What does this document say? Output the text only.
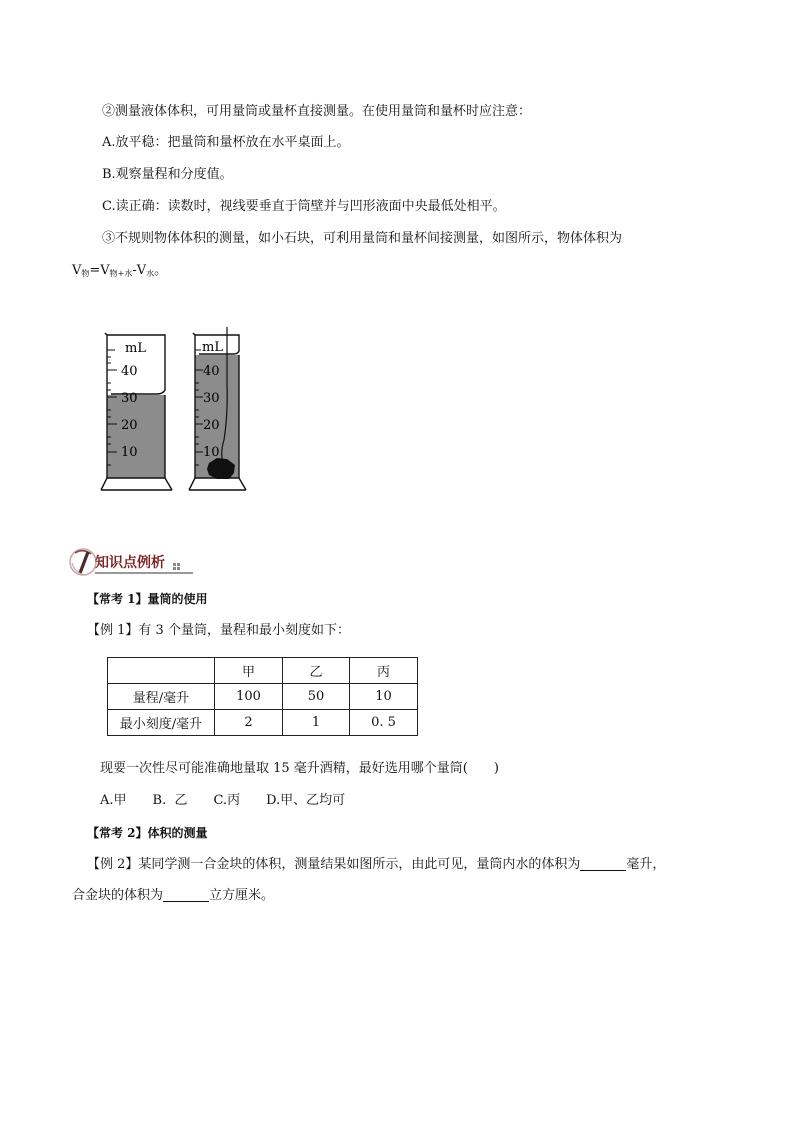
②测量液体体积，可用量筒或量杯直接测量。在使用量筒和量杯时应注意：
A.放平稳：把量筒和量杯放在水平桌面上。
B.观察量程和分度值。
C.读正确：读数时，视线要垂直于筒壁并与凹形液面中央最低处相平。
③不规则物体体积的测量，如小石块，可利用量筒和量杯间接测量，如图所示，物体体积为
$V_物=V_{物+水}-V_水$。
mL
40
30
20
10
mL
40
30
20
10
知识点例析
【常考 1】量筒的使用
【例 1】有 3 个量筒，量程和最小刻度如下：
	甲	乙	丙
量程/毫升	100	50	10
最小刻度/毫升	2	1	0. 5
现要一次性尽可能准确地量取 15 毫升酒精，最好选用哪个量筒(　　)
A.甲　　B.  乙　　C.丙　　D.甲、乙均可
【常考 2】体积的测量
【例 2】某同学测一合金块的体积，测量结果如图所示，由此可见，量筒内水的体积为	毫升，
合金块的体积为	立方厘米。
